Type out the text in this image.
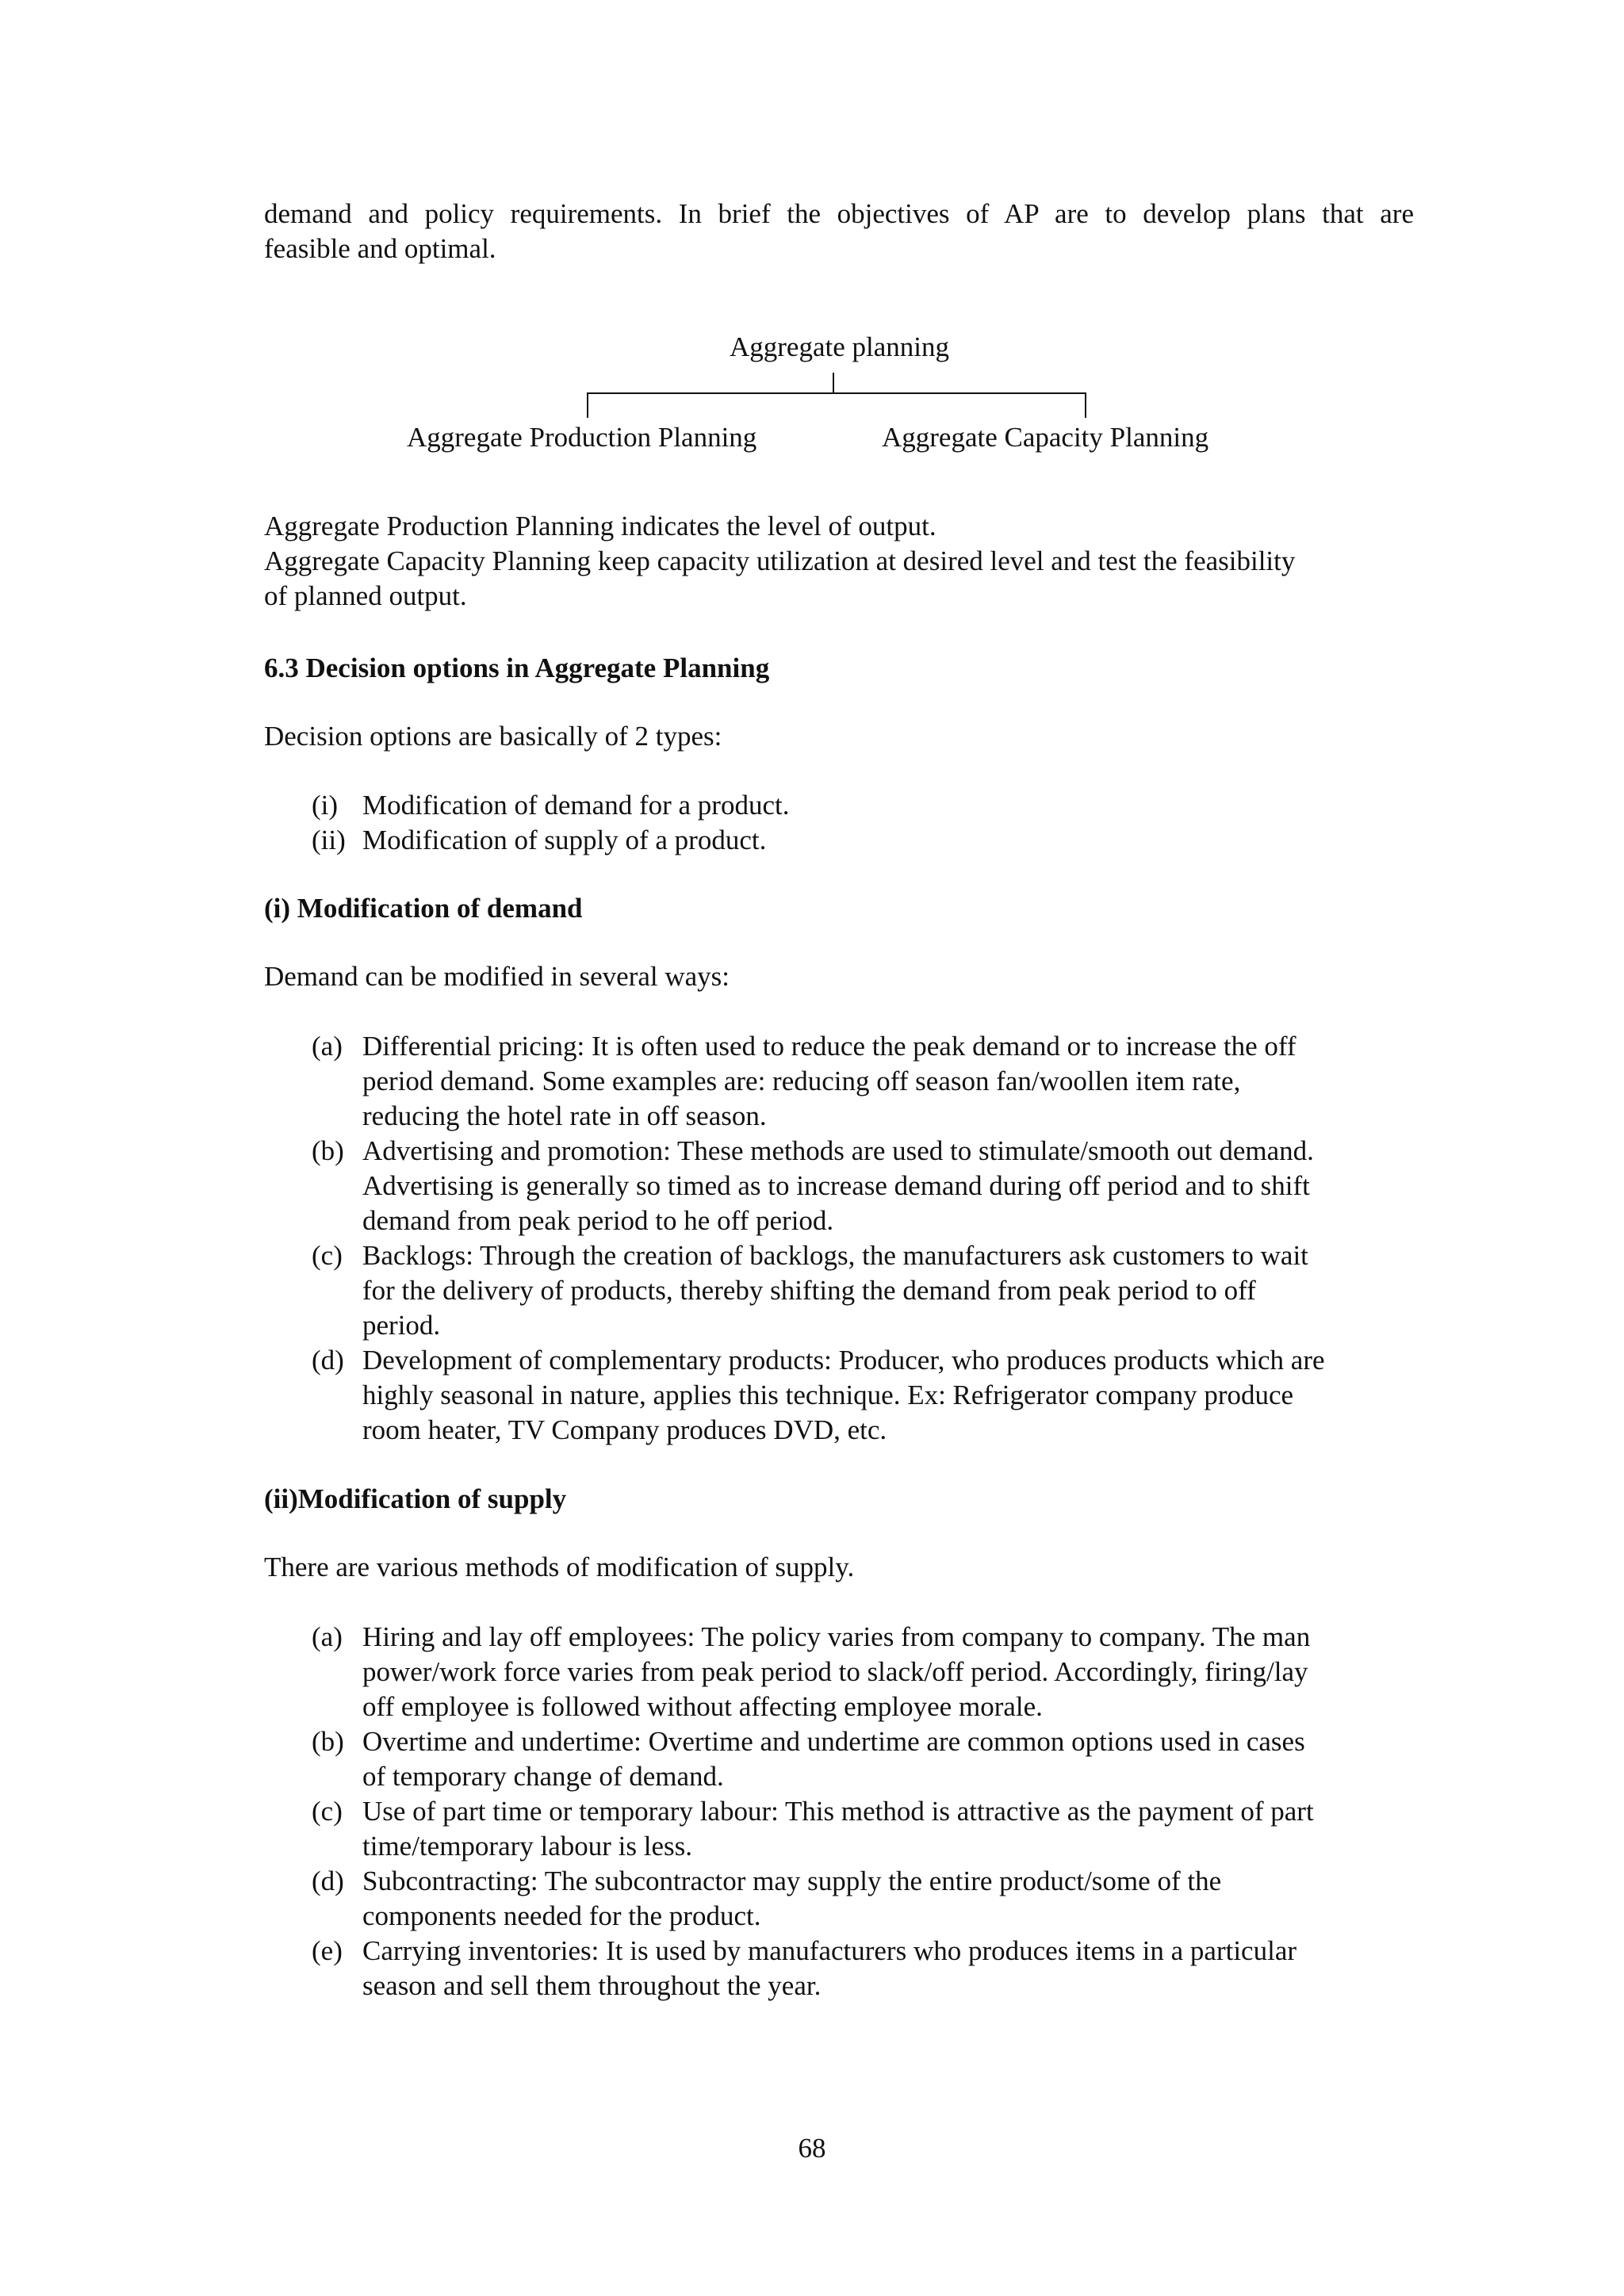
demand and policy requirements. In brief the objectives of AP are to develop plans that are
feasible and optimal.
Aggregate planning
Aggregate Production Planning	Aggregate Capacity Planning
Aggregate Production Planning indicates the level of output.
Aggregate Capacity Planning keep capacity utilization at desired level and test the feasibility
of planned output.
6.3 Decision options in Aggregate Planning
Decision options are basically of 2 types:
(i) Modification of demand for a product.
(ii) Modification of supply of a product.
(i) Modification of demand
Demand can be modified in several ways:
(a) Differential pricing: It is often used to reduce the peak demand or to increase the off
period demand. Some examples are: reducing off season fan/woollen item rate,
reducing the hotel rate in off season.
(b) Advertising and promotion: These methods are used to stimulate/smooth out demand.
Advertising is generally so timed as to increase demand during off period and to shift
demand from peak period to he off period.
(c) Backlogs: Through the creation of backlogs, the manufacturers ask customers to wait
for the delivery of products, thereby shifting the demand from peak period to off
period.
(d) Development of complementary products: Producer, who produces products which are
highly seasonal in nature, applies this technique. Ex: Refrigerator company produce
room heater, TV Company produces DVD, etc.
(ii)Modification of supply
There are various methods of modification of supply.
(a) Hiring and lay off employees: The policy varies from company to company. The man
power/work force varies from peak period to slack/off period. Accordingly, firing/lay
off employee is followed without affecting employee morale.
(b) Overtime and undertime: Overtime and undertime are common options used in cases
of temporary change of demand.
(c) Use of part time or temporary labour: This method is attractive as the payment of part
time/temporary labour is less.
(d) Subcontracting: The subcontractor may supply the entire product/some of the
components needed for the product.
(e) Carrying inventories: It is used by manufacturers who produces items in a particular
season and sell them throughout the year.
68
